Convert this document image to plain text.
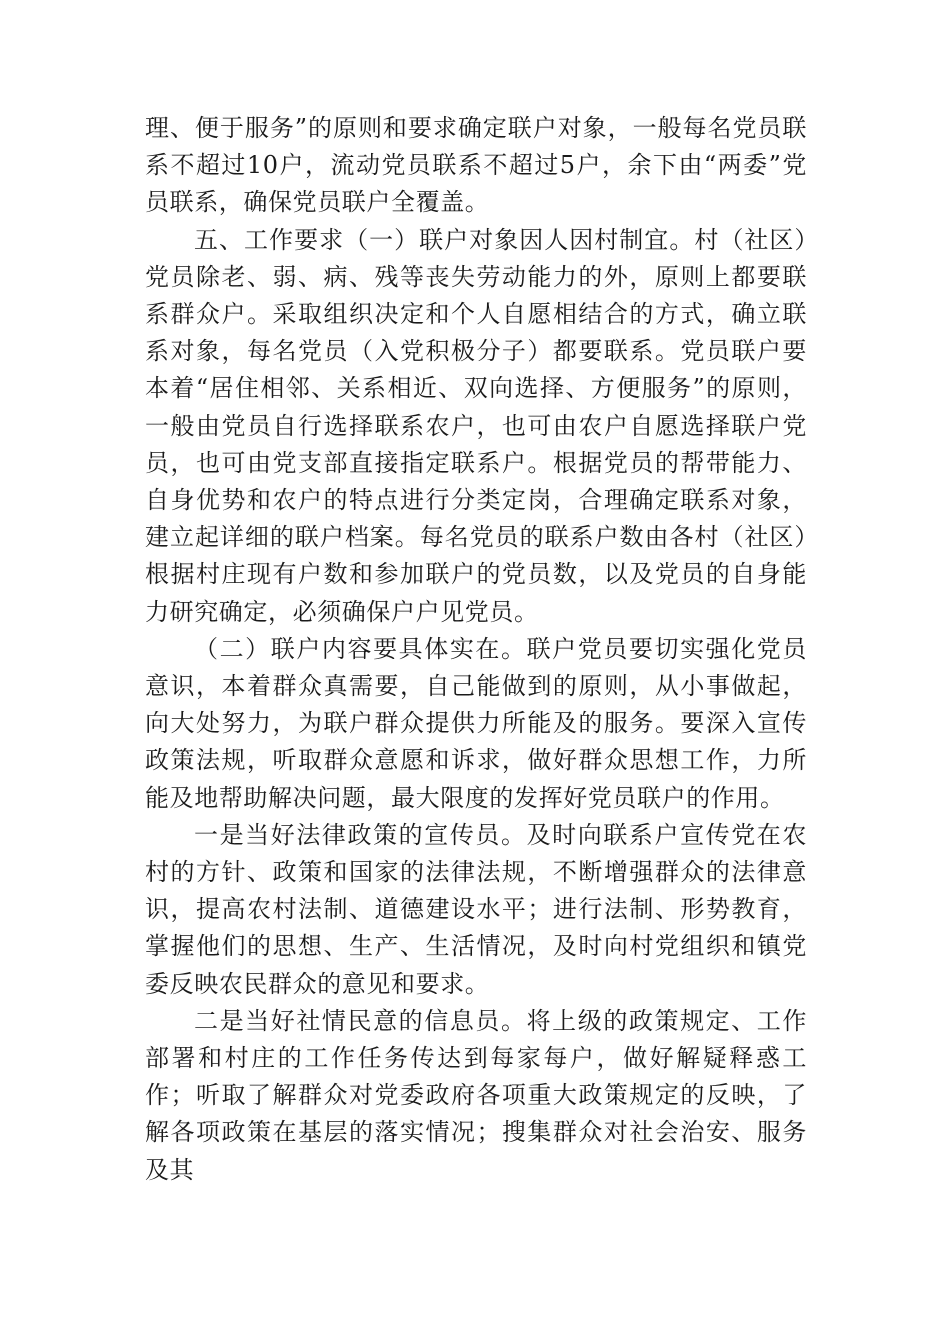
理、便于服务”的原则和要求确定联户对象，一般每名党员联系不超过10户，流动党员联系不超过5户，余下由“两委”党员联系，确保党员联户全覆盖。

五、工作要求（一）联户对象因人因村制宜。村（社区）党员除老、弱、病、残等丧失劳动能力的外，原则上都要联系群众户。采取组织决定和个人自愿相结合的方式，确立联系对象，每名党员（入党积极分子）都要联系。党员联户要本着“居住相邻、关系相近、双向选择、方便服务”的原则，一般由党员自行选择联系农户，也可由农户自愿选择联户党员，也可由党支部直接指定联系户。根据党员的帮带能力、自身优势和农户的特点进行分类定岗，合理确定联系对象，建立起详细的联户档案。每名党员的联系户数由各村（社区）根据村庄现有户数和参加联户的党员数，以及党员的自身能力研究确定，必须确保户户见党员。

（二）联户内容要具体实在。联户党员要切实强化党员意识，本着群众真需要，自己能做到的原则，从小事做起，向大处努力，为联户群众提供力所能及的服务。要深入宣传政策法规，听取群众意愿和诉求，做好群众思想工作，力所能及地帮助解决问题，最大限度的发挥好党员联户的作用。

一是当好法律政策的宣传员。及时向联系户宣传党在农村的方针、政策和国家的法律法规，不断增强群众的法律意识，提高农村法制、道德建设水平；进行法制、形势教育，掌握他们的思想、生产、生活情况，及时向村党组织和镇党委反映农民群众的意见和要求。

二是当好社情民意的信息员。将上级的政策规定、工作部署和村庄的工作任务传达到每家每户，做好解疑释惑工作；听取了解群众对党委政府各项重大政策规定的反映，了解各项政策在基层的落实情况；搜集群众对社会治安、服务及其
